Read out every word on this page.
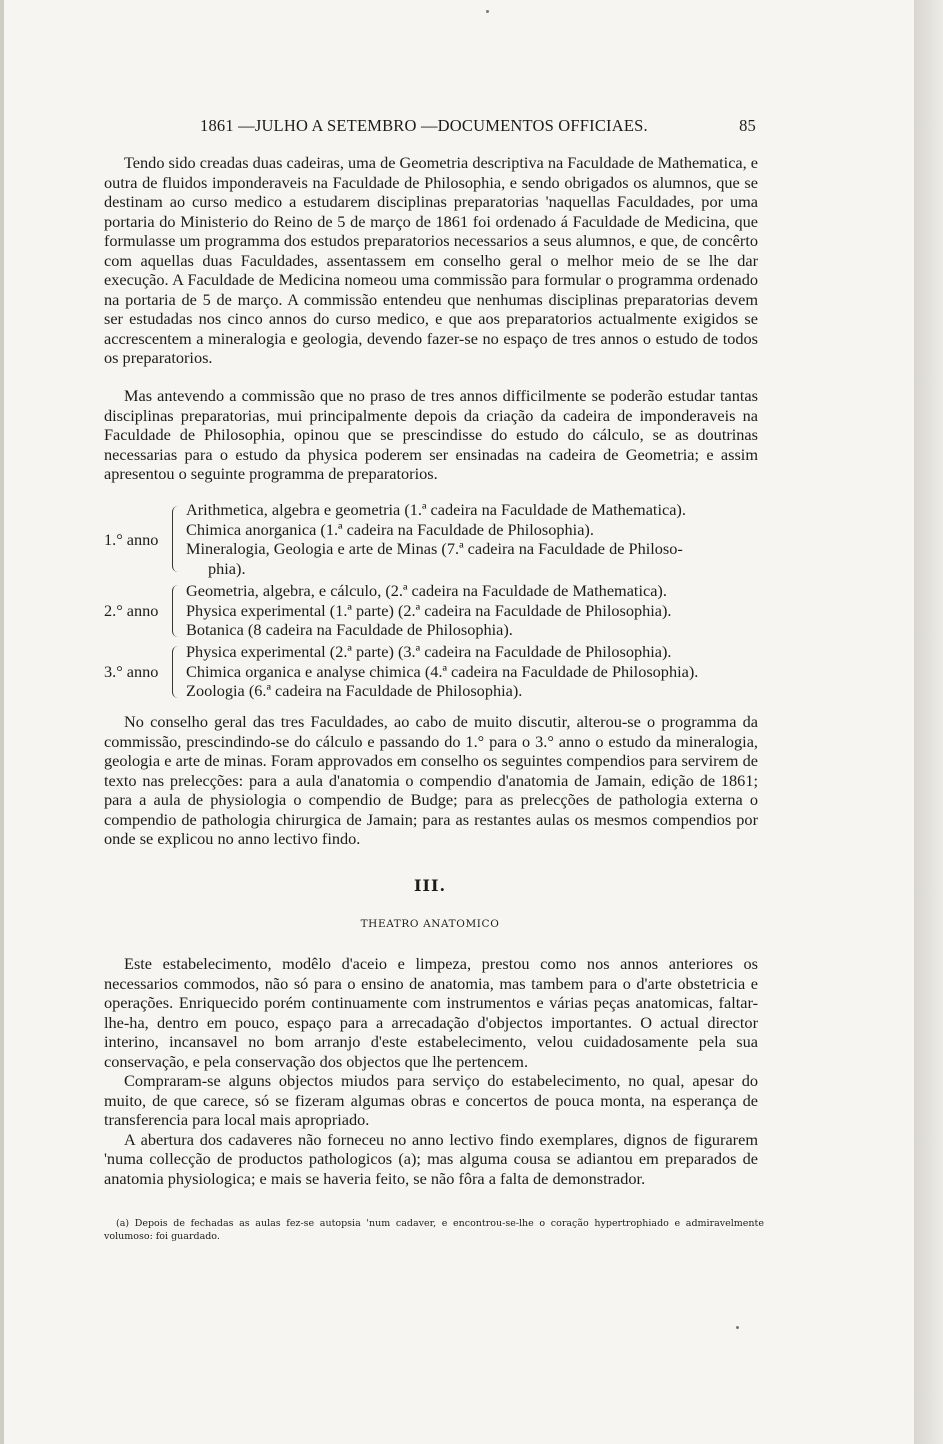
1861 —JULHO A SETEMBRO —DOCUMENTOS OFFICIAES.	85

Tendo sido creadas duas cadeiras, uma de Geometria descriptiva na Faculdade de Mathematica, e outra de fluidos imponderaveis na Faculdade de Philosophia, e sendo obrigados os alumnos, que se destinam ao curso medico a estudarem disciplinas preparatorias 'naquellas Faculdades, por uma portaria do Ministerio do Reino de 5 de março de 1861 foi ordenado á Faculdade de Medicina, que formulasse um programma dos estudos preparatorios necessarios a seus alumnos, e que, de concêrto com aquellas duas Faculdades, assentassem em conselho geral o melhor meio de se lhe dar execução. A Faculdade de Medicina nomeou uma commissão para formular o programma ordenado na portaria de 5 de março. A commissão entendeu que nenhumas disciplinas preparatorias devem ser estudadas nos cinco annos do curso medico, e que aos preparatorios actualmente exigidos se accrescentem a mineralogia e geologia, devendo fazer-se no espaço de tres annos o estudo de todos os preparatorios.

Mas antevendo a commissão que no praso de tres annos difficilmente se poderão estudar tantas disciplinas preparatorias, mui principalmente depois da criação da cadeira de imponderaveis na Faculdade de Philosophia, opinou que se prescindisse do estudo do cálculo, se as doutrinas necessarias para o estudo da physica poderem ser ensinadas na cadeira de Geometria; e assim apresentou o seguinte programma de preparatorios.

1.° anno
Arithmetica, algebra e geometria (1.ª cadeira na Faculdade de Mathematica).
Chimica anorganica (1.ª cadeira na Faculdade de Philosophia).
Mineralogia, Geologia e arte de Minas (7.ª cadeira na Faculdade de Philoso-
phia).
2.° anno
Geometria, algebra, e cálculo, (2.ª cadeira na Faculdade de Mathematica).
Physica experimental (1.ª parte) (2.ª cadeira na Faculdade de Philosophia).
Botanica (8 cadeira na Faculdade de Philosophia).
3.° anno
Physica experimental (2.ª parte) (3.ª cadeira na Faculdade de Philosophia).
Chimica organica e analyse chimica (4.ª cadeira na Faculdade de Philosophia).
Zoologia (6.ª cadeira na Faculdade de Philosophia).

No conselho geral das tres Faculdades, ao cabo de muito discutir, alterou-se o programma da commissão, prescindindo-se do cálculo e passando do 1.° para o 3.° anno o estudo da mineralogia, geologia e arte de minas. Foram approvados em conselho os seguintes compendios para servirem de texto nas prelecções: para a aula d'anatomia o compendio d'anatomia de Jamain, edição de 1861; para a aula de physiologia o compendio de Budge; para as prelecções de pathologia externa o compendio de pathologia chirurgica de Jamain; para as restantes aulas os mesmos compendios por onde se explicou no anno lectivo findo.

III.
THEATRO ANATOMICO

Este estabelecimento, modêlo d'aceio e limpeza, prestou como nos annos anteriores os necessarios commodos, não só para o ensino de anatomia, mas tambem para o d'arte obstetricia e operações. Enriquecido porém continuamente com instrumentos e várias peças anatomicas, faltar-lhe-ha, dentro em pouco, espaço para a arrecadação d'objectos importantes. O actual director interino, incansavel no bom arranjo d'este estabelecimento, velou cuidadosamente pela sua conservação, e pela conservação dos objectos que lhe pertencem.

Compraram-se alguns objectos miudos para serviço do estabelecimento, no qual, apesar do muito, de que carece, só se fizeram algumas obras e concertos de pouca monta, na esperança de transferencia para local mais apropriado.

A abertura dos cadaveres não forneceu no anno lectivo findo exemplares, dignos de figurarem 'numa collecção de productos pathologicos (a); mas alguma cousa se adiantou em preparados de anatomia physiologica; e mais se haveria feito, se não fôra a falta de demonstrador.

(a) Depois de fechadas as aulas fez-se autopsia 'num cadaver, e encontrou-se-lhe o coração hypertrophiado e admiravelmente volumoso: foi guardado.
